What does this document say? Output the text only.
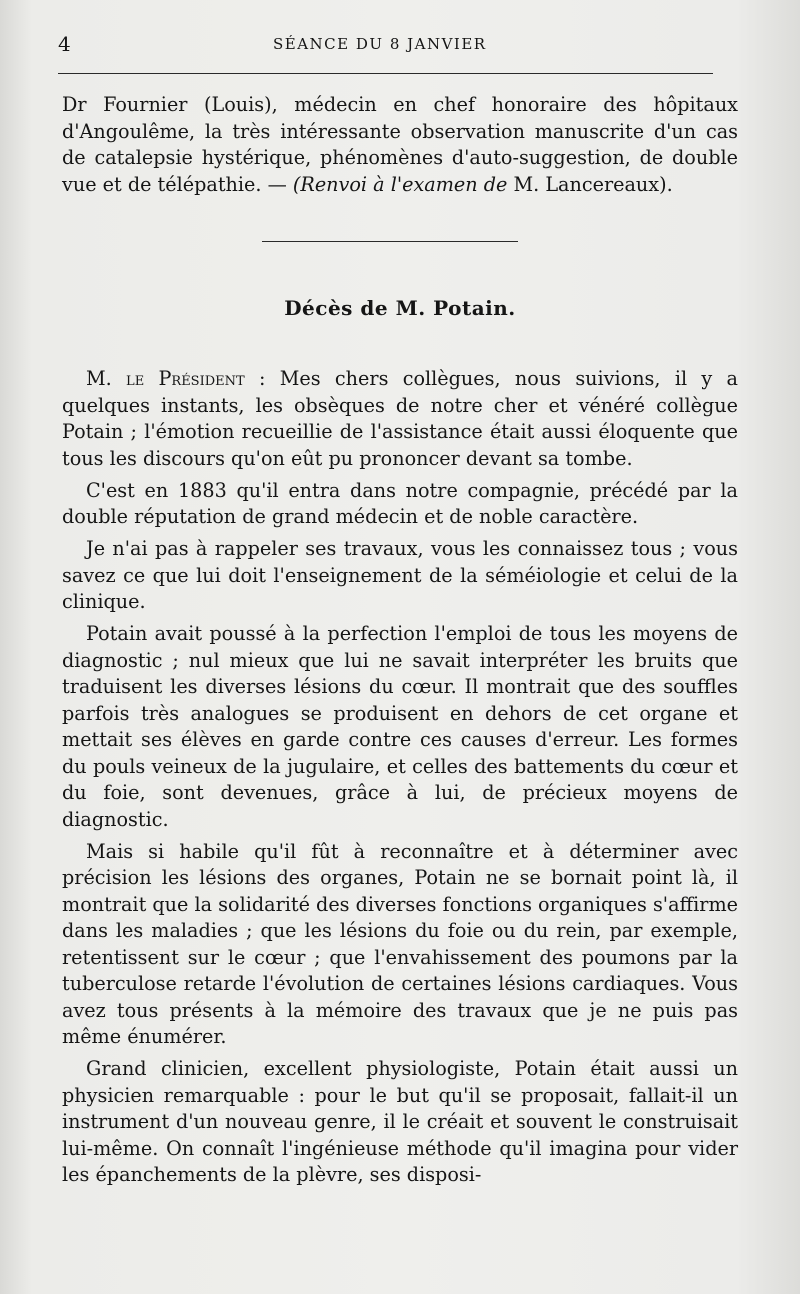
4	SÉANCE DU 8 JANVIER
Dr Fournier (Louis), médecin en chef honoraire des hôpitaux d'Angoulême, la très intéressante observation manuscrite d'un cas de catalepsie hystérique, phénomènes d'auto-suggestion, de double vue et de télépathie. — (Renvoi à l'examen de M. Lancereaux).
Décès de M. Potain.

M. le Président : Mes chers collègues, nous suivions, il y a quelques instants, les obsèques de notre cher et vénéré collègue Potain ; l'émotion recueillie de l'assistance était aussi éloquente que tous les discours qu'on eût pu prononcer devant sa tombe.

C'est en 1883 qu'il entra dans notre compagnie, précédé par la double réputation de grand médecin et de noble caractère.

Je n'ai pas à rappeler ses travaux, vous les connaissez tous ; vous savez ce que lui doit l'enseignement de la séméiologie et celui de la clinique.

Potain avait poussé à la perfection l'emploi de tous les moyens de diagnostic ; nul mieux que lui ne savait interpréter les bruits que traduisent les diverses lésions du cœur. Il montrait que des souffles parfois très analogues se produisent en dehors de cet organe et mettait ses élèves en garde contre ces causes d'erreur. Les formes du pouls veineux de la jugulaire, et celles des battements du cœur et du foie, sont devenues, grâce à lui, de précieux moyens de diagnostic.

Mais si habile qu'il fût à reconnaître et à déterminer avec précision les lésions des organes, Potain ne se bornait point là, il montrait que la solidarité des diverses fonctions organiques s'affirme dans les maladies ; que les lésions du foie ou du rein, par exemple, retentissent sur le cœur ; que l'envahissement des poumons par la tuberculose retarde l'évolution de certaines lésions cardiaques. Vous avez tous présents à la mémoire des travaux que je ne puis pas même énumérer.

Grand clinicien, excellent physiologiste, Potain était aussi un physicien remarquable : pour le but qu'il se proposait, fallait-il un instrument d'un nouveau genre, il le créait et souvent le construisait lui-même. On connaît l'ingénieuse méthode qu'il imagina pour vider les épanchements de la plèvre, ses disposi-
